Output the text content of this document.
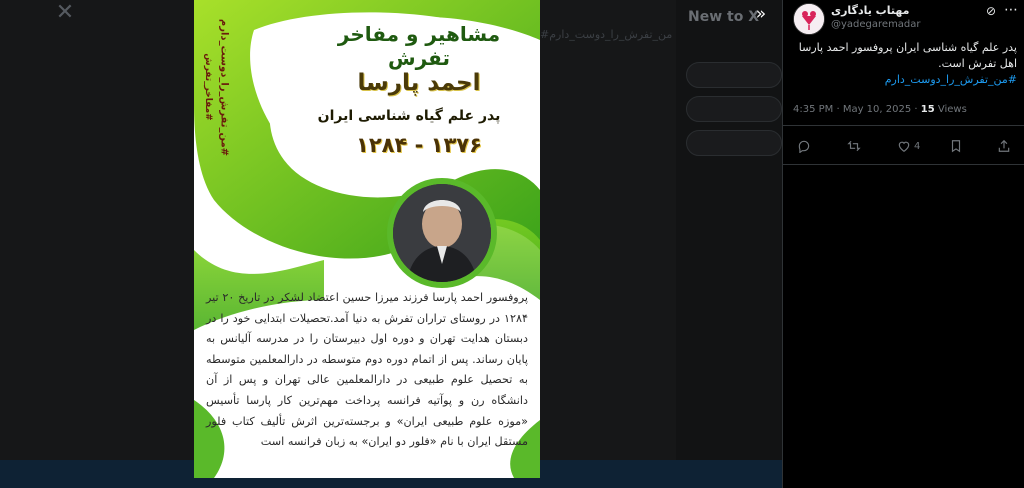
New to X
#من_تفرش_را_دوست_دارم
✕	»
#من_تفرش_را_دوست_دارم
#مفاخر_تفرش
مشاهیر و مفاخر تفرش
احمد پارسا
پدر علم گیاه شناسی ایران
۱۳۷۶ - ۱۲۸۴
پروفسور احمد پارسا فرزند میرزا حسین اعتضاد لشکر در تاریخ ۲۰ تیر ۱۲۸۴ در روستای تراران تفرش به دنیا آمد.تحصیلات ابتدایی خود را در دبستان هدایت تهران و دوره اول دبیرستان را در مدرسه آلیانس به پایان رساند. پس از اتمام دوره دوم متوسطه در دارالمعلمین متوسطه به تحصیل علوم طبیعی در دارالمعلمین عالی تهران و پس از آن دانشگاه رن و پوآتیه فرانسه پرداخت مهم‌ترین کار پارسا تأسیس «موزه علوم طبیعی ایران» و برجسته‌ترین اثرش تألیف کتاب فلور مستقل ایران با نام «فلور دو ایران» به زبان فرانسه است
مهتاب یادگاری
@yadegaremadar
⊘ ⋯
پدر علم گیاه شناسی ایران پروفسور احمد پارسا اهل تفرش است.
#من_تفرش_را_دوست_دارم
4:35 PM · May 10, 2025 · 15 Views
4
